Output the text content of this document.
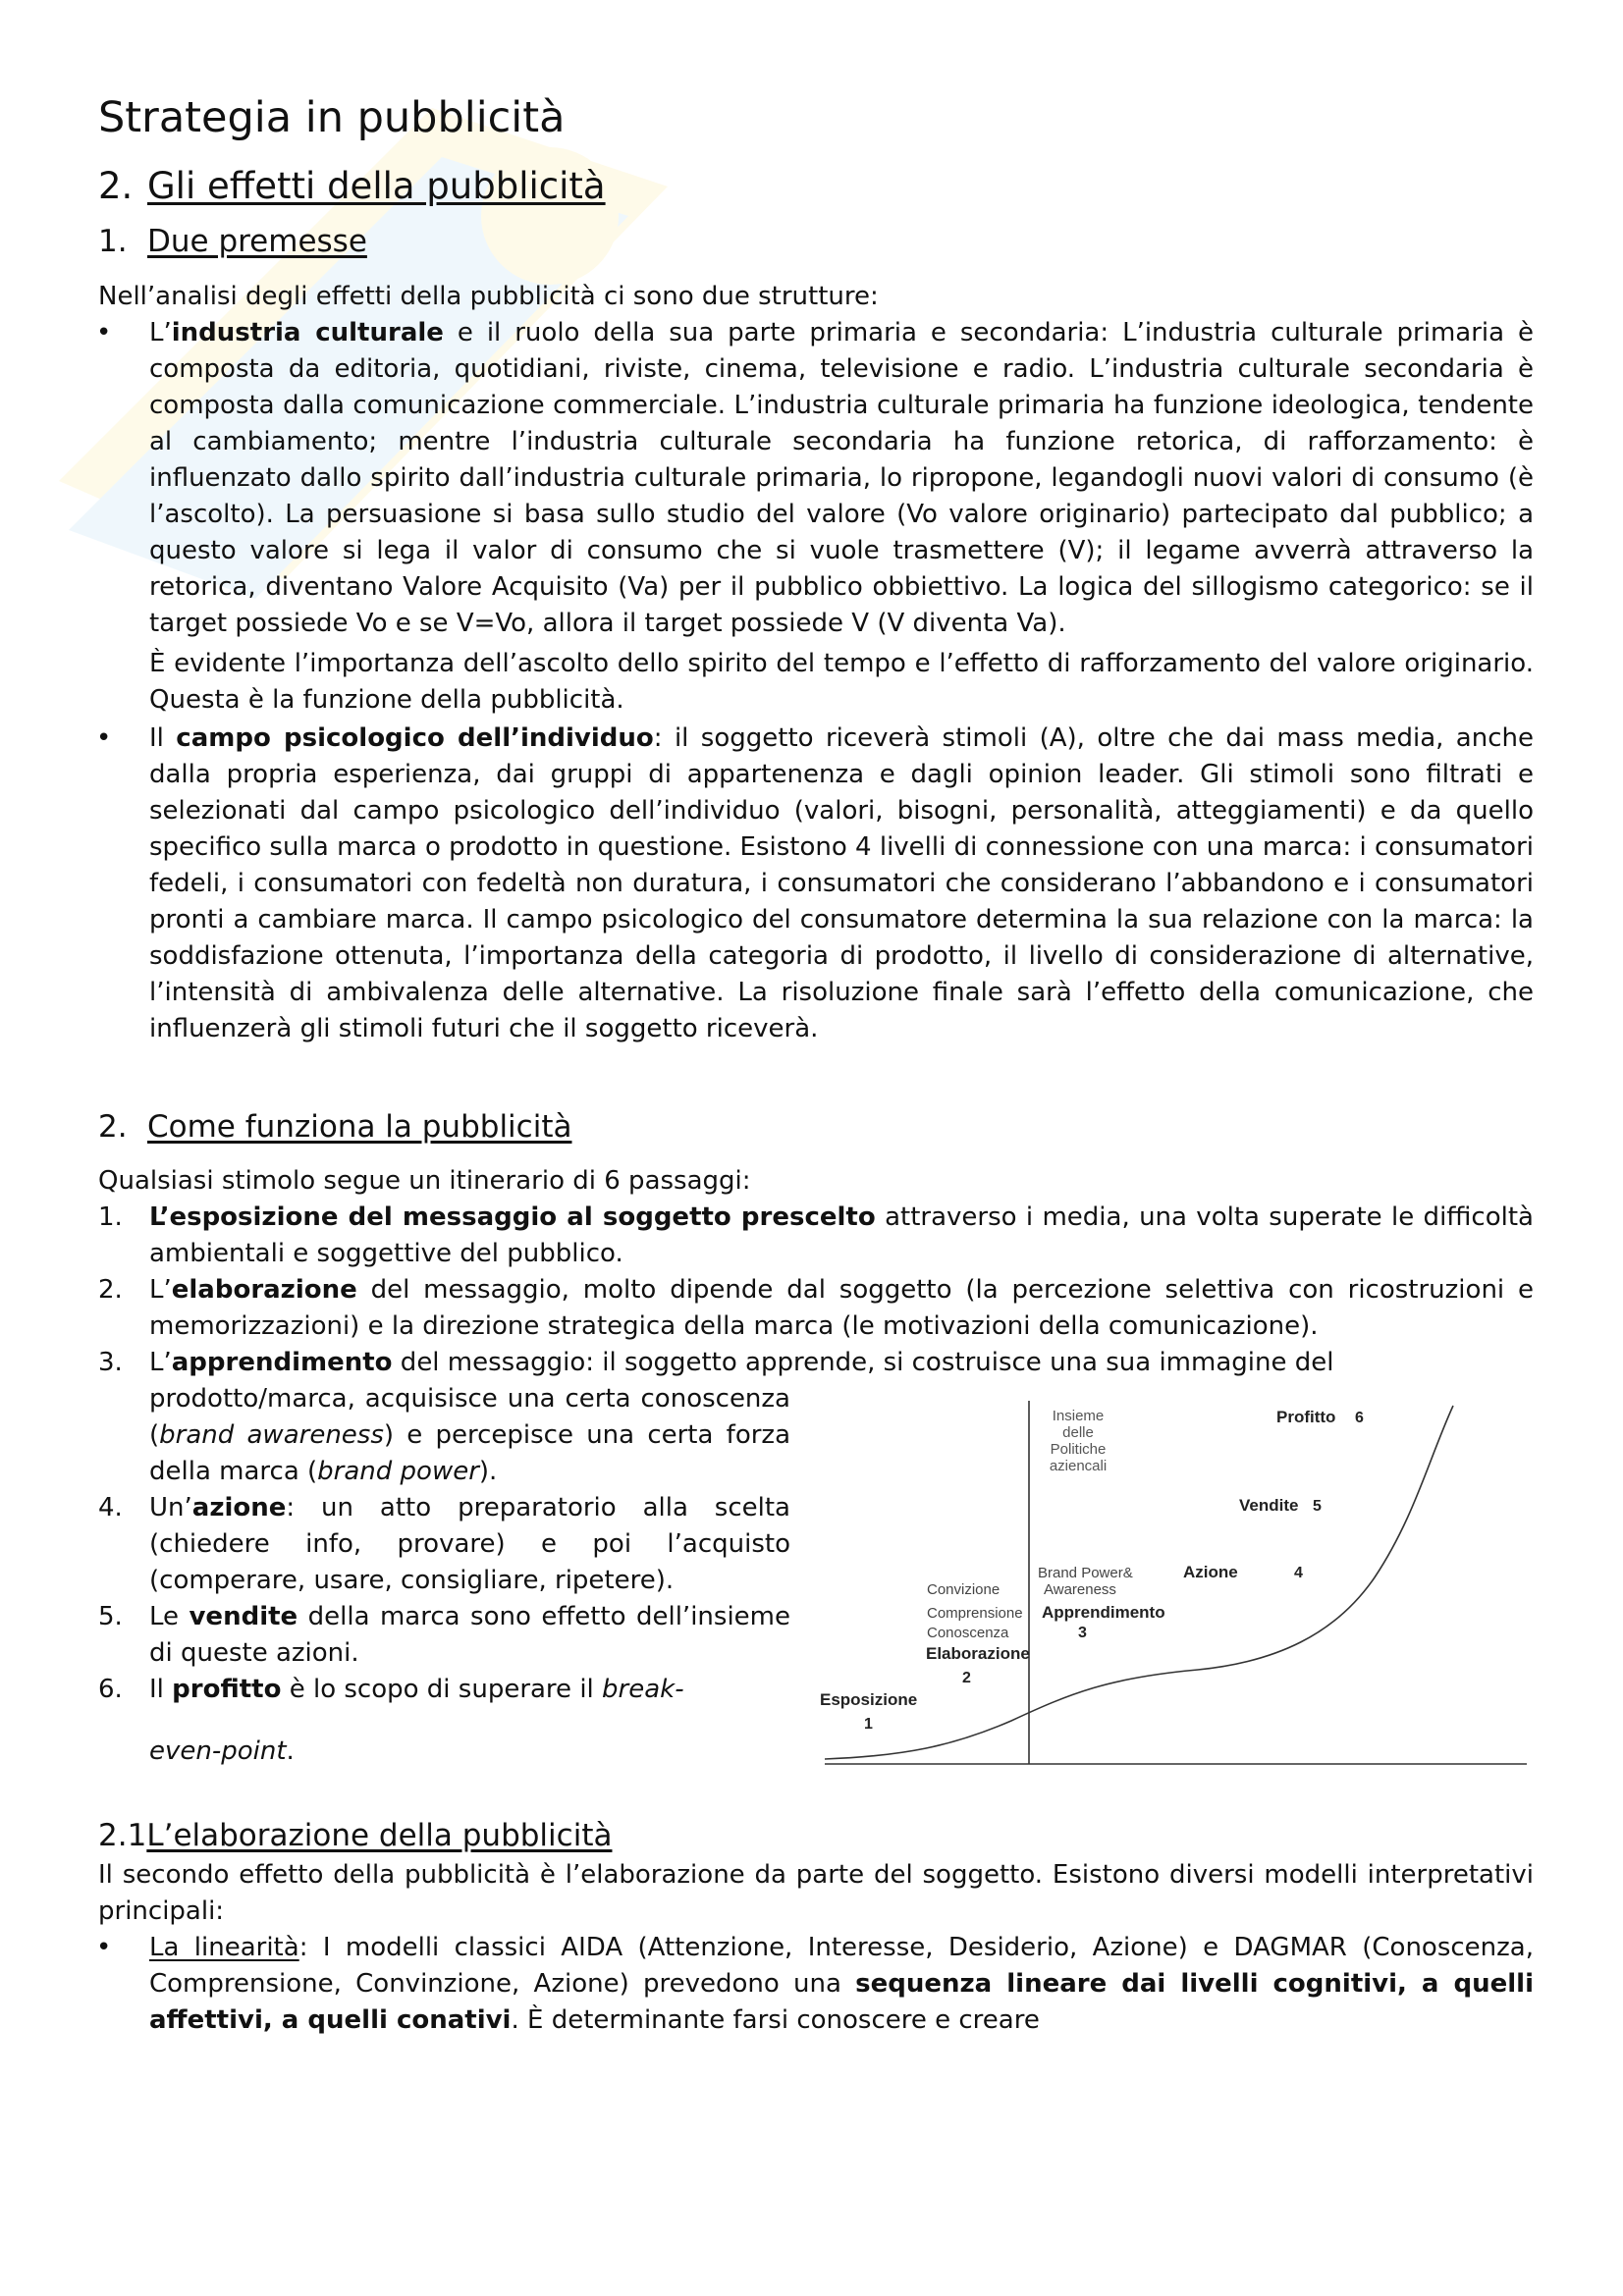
Strategia in pubblicità
2. Gli effetti della pubblicità
1. Due premesse

Nell’analisi degli effetti della pubblicità ci sono due strutture:

• L’industria culturale e il ruolo della sua parte primaria e secondaria: L’industria culturale primaria è composta da editoria, quotidiani, riviste, cinema, televisione e radio. L’industria culturale secondaria è composta dalla comunicazione commerciale. L’industria culturale primaria ha funzione ideologica, tendente al cambiamento; mentre l’industria culturale secondaria ha funzione retorica, di rafforzamento: è influenzato dallo spirito dall’industria culturale primaria, lo ripropone, legandogli nuovi valori di consumo (è l’ascolto). La persuasione si basa sullo studio del valore (Vo valore originario) partecipato dal pubblico; a questo valore si lega il valor di consumo che si vuole trasmettere (V); il legame avverrà attraverso la retorica, diventano Valore Acquisito (Va) per il pubblico obbiettivo. La logica del sillogismo categorico: se il target possiede Vo e se V=Vo, allora il target possiede V (V diventa Va).
È evidente l’importanza dell’ascolto dello spirito del tempo e l’effetto di rafforzamento del valore originario. Questa è la funzione della pubblicità.
• Il campo psicologico dell’individuo: il soggetto riceverà stimoli (A), oltre che dai mass media, anche dalla propria esperienza, dai gruppi di appartenenza e dagli opinion leader. Gli stimoli sono filtrati e selezionati dal campo psicologico dell’individuo (valori, bisogni, personalità, atteggiamenti) e da quello specifico sulla marca o prodotto in questione. Esistono 4 livelli di connessione con una marca: i consumatori fedeli, i consumatori con fedeltà non duratura, i consumatori che considerano l’abbandono e i consumatori pronti a cambiare marca. Il campo psicologico del consumatore determina la sua relazione con la marca: la soddisfazione ottenuta, l’importanza della categoria di prodotto, il livello di considerazione di alternative, l’intensità di ambivalenza delle alternative. La risoluzione finale sarà l’effetto della comunicazione, che influenzerà gli stimoli futuri che il soggetto riceverà.
2. Come funziona la pubblicità

Qualsiasi stimolo segue un itinerario di 6 passaggi:

1. L’esposizione del messaggio al soggetto prescelto attraverso i media, una volta superate le difficoltà ambientali e soggettive del pubblico.
2. L’elaborazione del messaggio, molto dipende dal soggetto (la percezione selettiva con ricostruzioni e memorizzazioni) e la direzione strategica della marca (le motivazioni della comunicazione).
3. L’apprendimento del messaggio: il soggetto apprende, si costruisce una sua immagine del
prodotto/marca, acquisisce una certa conoscenza (brand awareness) e percepisce una certa forza della marca (brand power).
4. Un’azione: un atto preparatorio alla scelta (chiedere info, provare) e poi l’acquisto (comperare, usare, consigliare, ripetere).
5. Le vendite della marca sono effetto dell’insieme di queste azioni.
6. Il profitto è lo scopo di superare il break-
even-point.
Insieme
delle
Politiche
aziencali
Profitto 6
Vendite 5
Brand Power&
Awareness
Azione	4
Convizione
Comprensione
Conoscenza
Apprendimento
3
Elaborazione
2
Esposizione
1
2.1L’elaborazione della pubblicità

Il secondo effetto della pubblicità è l’elaborazione da parte del soggetto. Esistono diversi modelli interpretativi principali:

• La linearità: I modelli classici AIDA (Attenzione, Interesse, Desiderio, Azione) e DAGMAR (Conoscenza, Comprensione, Convinzione, Azione) prevedono una sequenza lineare dai livelli cognitivi, a quelli affettivi, a quelli conativi. È determinante farsi conoscere e creare
